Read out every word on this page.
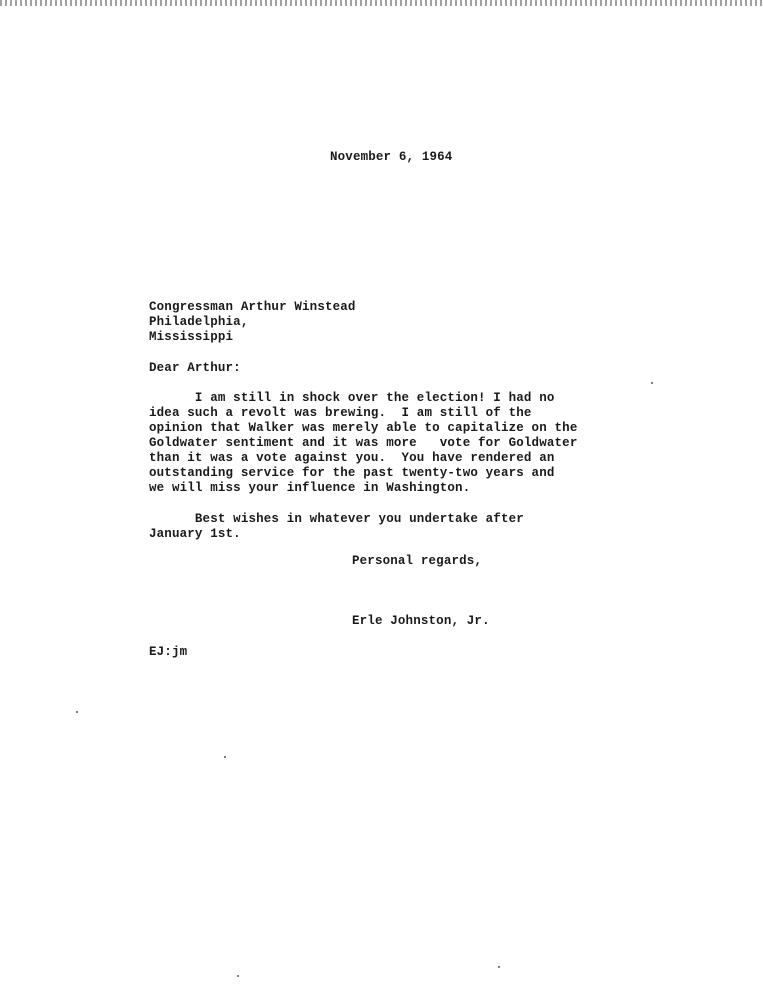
November 6, 1964
Congressman Arthur Winstead
Philadelphia,
Mississippi
Dear Arthur:
I am still in shock over the election! I had no
idea such a revolt was brewing.  I am still of the
opinion that Walker was merely able to capitalize on the
Goldwater sentiment and it was more   vote for Goldwater
than it was a vote against you.  You have rendered an
outstanding service for the past twenty-two years and
we will miss your influence in Washington.
Best wishes in whatever you undertake after
January 1st.
Personal regards,
Erle Johnston, Jr.
EJ:jm
